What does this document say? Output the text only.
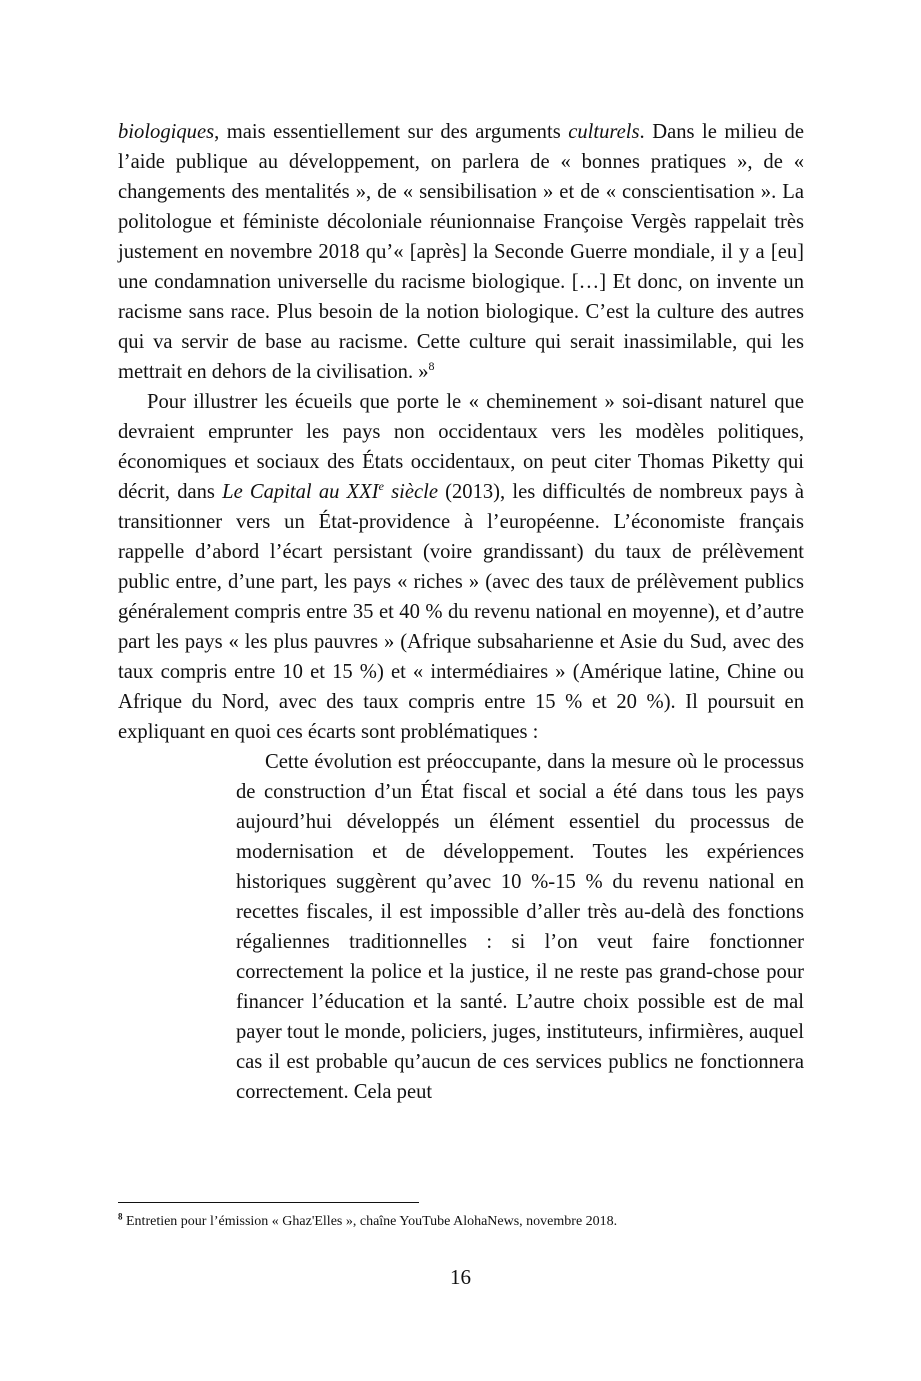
biologiques, mais essentiellement sur des arguments culturels. Dans le milieu de l’aide publique au développement, on parlera de « bonnes pratiques », de « changements des mentalités », de « sensibilisation » et de « conscientisation ». La politologue et féministe décoloniale réunionnaise Françoise Vergès rappelait très justement en novembre 2018 qu’« [après] la Seconde Guerre mondiale, il y a [eu] une condamnation universelle du racisme biologique. […] Et donc, on invente un racisme sans race. Plus besoin de la notion biologique. C’est la culture des autres qui va servir de base au racisme. Cette culture qui serait inassimilable, qui les mettrait en dehors de la civilisation. »$^8$

Pour illustrer les écueils que porte le « cheminement » soi-disant naturel que devraient emprunter les pays non occidentaux vers les modèles politiques, économiques et sociaux des États occidentaux, on peut citer Thomas Piketty qui décrit, dans Le Capital au XXIe siècle (2013), les difficultés de nombreux pays à transitionner vers un État-providence à l’européenne. L’économiste français rappelle d’abord l’écart persistant (voire grandissant) du taux de prélèvement public entre, d’une part, les pays « riches » (avec des taux de prélèvement publics généralement compris entre 35 et 40 % du revenu national en moyenne), et d’autre part les pays « les plus pauvres » (Afrique subsaharienne et Asie du Sud, avec des taux compris entre 10 et 15 %) et « intermédiaires » (Amérique latine, Chine ou Afrique du Nord, avec des taux compris entre 15 % et 20 %). Il poursuit en expliquant en quoi ces écarts sont problématiques :

Cette évolution est préoccupante, dans la mesure où le processus de construction d’un État fiscal et social a été dans tous les pays aujourd’hui développés un élément essentiel du processus de modernisation et de développement. Toutes les expériences historiques suggèrent qu’avec 10 %-15 % du revenu national en recettes fiscales, il est impossible d’aller très au-delà des fonctions régaliennes traditionnelles : si l’on veut faire fonctionner correctement la police et la justice, il ne reste pas grand-chose pour financer l’éducation et la santé. L’autre choix possible est de mal payer tout le monde, policiers, juges, instituteurs, infirmières, auquel cas il est probable qu’aucun de ces services publics ne fonctionnera correctement. Cela peut

$^8$ Entretien pour l’émission « Ghaz'Elles », chaîne YouTube AlohaNews, novembre 2018.
16
